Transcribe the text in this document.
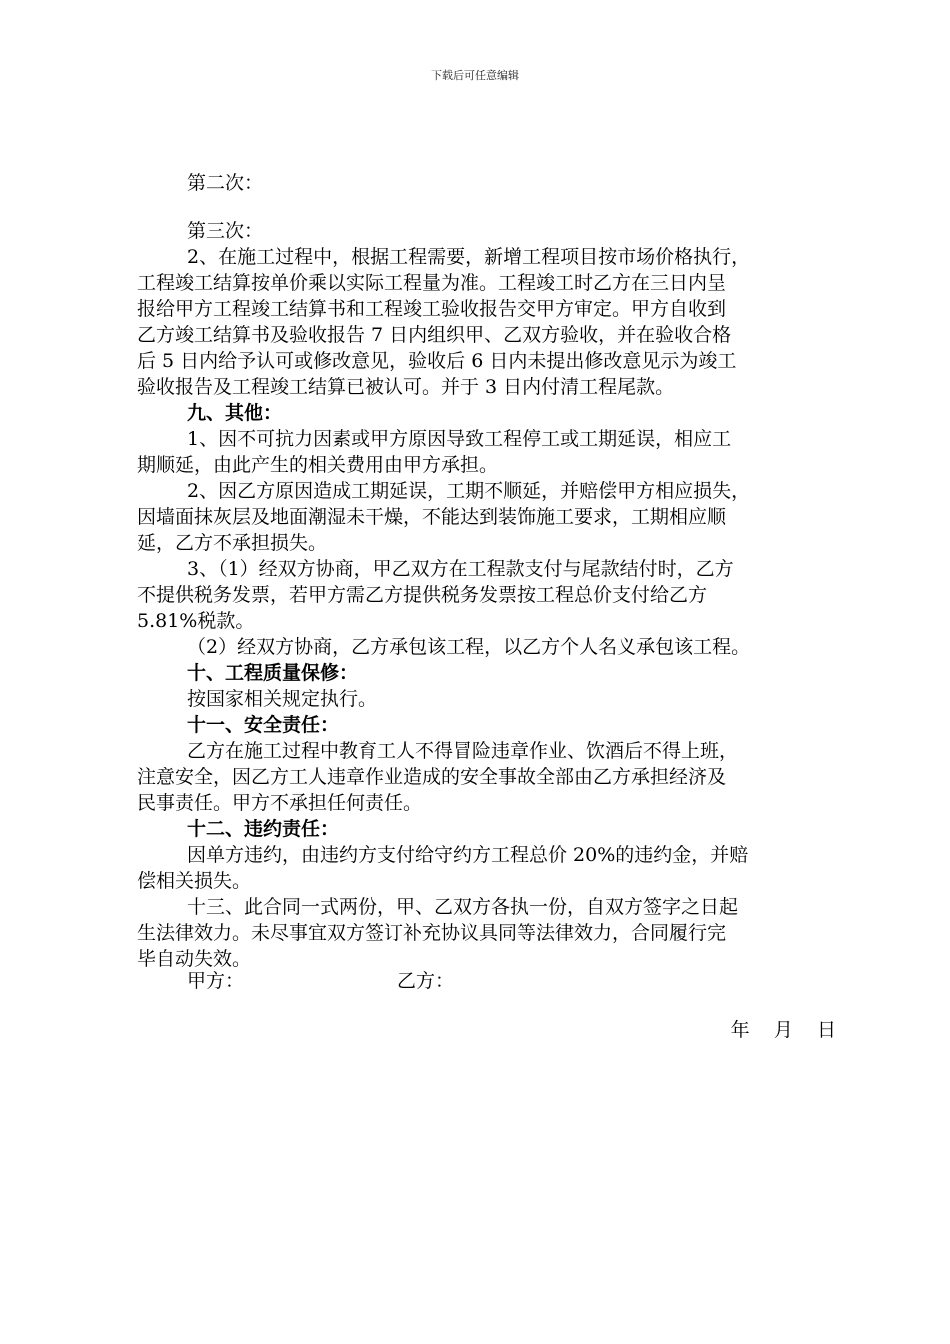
下载后可任意编辑

第二次：

第三次：

2、在施工过程中，根据工程需要，新增工程项目按市场价格执行，

工程竣工结算按单价乘以实际工程量为准。工程竣工时乙方在三日内呈

报给甲方工程竣工结算书和工程竣工验收报告交甲方审定。甲方自收到

乙方竣工结算书及验收报告 7 日内组织甲、乙双方验收，并在验收合格

后 5 日内给予认可或修改意见，验收后 6 日内未提出修改意见示为竣工

验收报告及工程竣工结算已被认可。并于 3 日内付清工程尾款。

九、其他：

1、因不可抗力因素或甲方原因导致工程停工或工期延误，相应工

期顺延，由此产生的相关费用由甲方承担。

2、因乙方原因造成工期延误，工期不顺延，并赔偿甲方相应损失，

因墙面抹灰层及地面潮湿未干燥，不能达到装饰施工要求，工期相应顺

延，乙方不承担损失。

3、（1）经双方协商，甲乙双方在工程款支付与尾款结付时，乙方

不提供税务发票，若甲方需乙方提供税务发票按工程总价支付给乙方

5.81%税款。

（2）经双方协商，乙方承包该工程，以乙方个人名义承包该工程。

十、工程质量保修：

按国家相关规定执行。

十一、安全责任：

乙方在施工过程中教育工人不得冒险违章作业、饮酒后不得上班，

注意安全，因乙方工人违章作业造成的安全事故全部由乙方承担经济及

民事责任。甲方不承担任何责任。

十二、违约责任：

因单方违约，由违约方支付给守约方工程总价 20%的违约金，并赔

偿相关损失。

十三、此合同一式两份，甲、乙双方各执一份，自双方签字之日起

生法律效力。未尽事宜双方签订补充协议具同等法律效力，合同履行完

毕自动失效。

甲方：	乙方：
年    月    日
